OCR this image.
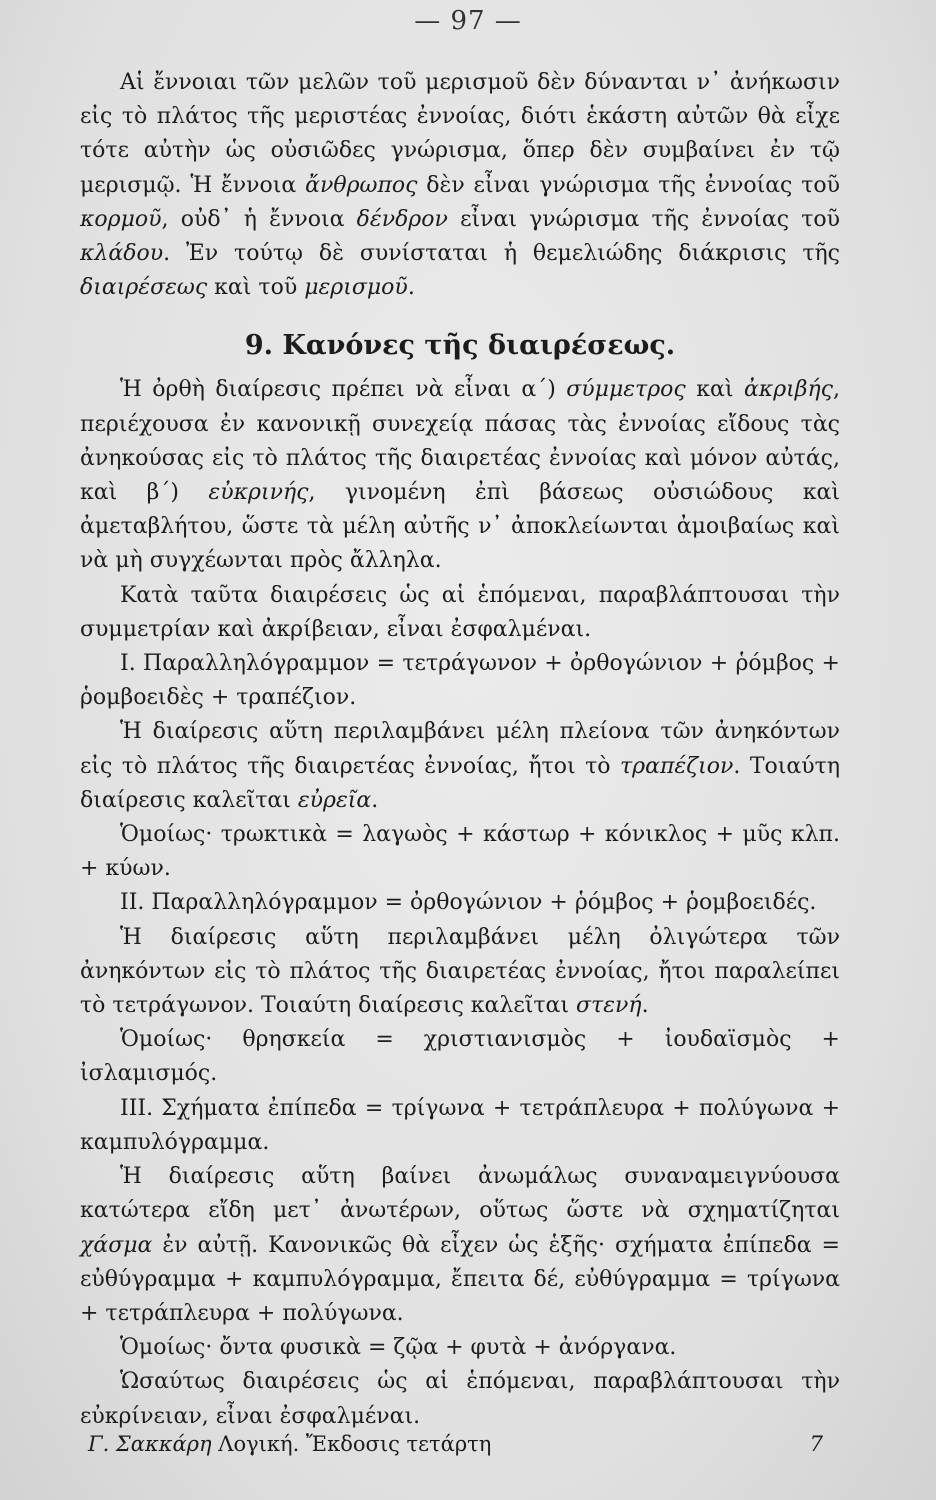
— 97 —

Αἱ ἔννοιαι τῶν μελῶν τοῦ μερισμοῦ δὲν δύνανται ν᾽ ἀνήκωσιν εἰς τὸ πλάτος τῆς μεριστέας ἐννοίας, διότι ἑκάστη αὐτῶν θὰ εἶχε τότε αὐτὴν ὡς οὐσιῶδες γνώρισμα, ὅπερ δὲν συμβαίνει ἐν τῷ μερισμῷ. Ἡ ἔννοια ἄνθρωπος δὲν εἶναι γνώρισμα τῆς ἐννοίας τοῦ κορμοῦ, οὐδ᾽ ἡ ἔννοια δένδρον εἶναι γνώρισμα τῆς ἐννοίας τοῦ κλάδου. Ἐν τούτῳ δὲ συνίσταται ἡ θεμελιώδης διάκρισις τῆς διαιρέσεως καὶ τοῦ μερισμοῦ.

9. Κανόνες τῆς διαιρέσεως.

Ἡ ὀρθὴ διαίρεσις πρέπει νὰ εἶναι α΄) σύμμετρος καὶ ἀκριβής, περιέχουσα ἐν κανονικῇ συνεχείᾳ πάσας τὰς ἐννοίας εἴδους τὰς ἀνηκούσας εἰς τὸ πλάτος τῆς διαιρετέας ἐννοίας καὶ μόνον αὐτάς, καὶ β΄) εὐκρινής, γινομένη ἐπὶ βάσεως οὐσιώδους καὶ ἀμεταβλήτου, ὥστε τὰ μέλη αὐτῆς ν᾽ ἀποκλείωνται ἀμοιβαίως καὶ νὰ μὴ συγχέωνται πρὸς ἄλληλα.

Κατὰ ταῦτα διαιρέσεις ὡς αἱ ἑπόμεναι, παραβλάπτουσαι τὴν συμμετρίαν καὶ ἀκρίβειαν, εἶναι ἐσφαλμέναι.

Ι. Παραλληλόγραμμον = τετράγωνον + ὀρθογώνιον + ῥόμβος + ῥομβοειδὲς + τραπέζιον.

Ἡ διαίρεσις αὕτη περιλαμβάνει μέλη πλείονα τῶν ἀνηκόντων εἰς τὸ πλάτος τῆς διαιρετέας ἐννοίας, ἤτοι τὸ τραπέζιον. Τοιαύτη διαίρεσις καλεῖται εὐρεῖα.

Ὁμοίως· τρωκτικὰ = λαγωὸς + κάστωρ + κόνικλος + μῦς κλπ. + κύων.

ΙΙ. Παραλληλόγραμμον = ὀρθογώνιον + ῥόμβος + ῥομβοειδές.

Ἡ διαίρεσις αὕτη περιλαμβάνει μέλη ὀλιγώτερα τῶν ἀνηκόντων εἰς τὸ πλάτος τῆς διαιρετέας ἐννοίας, ἤτοι παραλείπει τὸ τετράγωνον. Τοιαύτη διαίρεσις καλεῖται στενή.

Ὁμοίως· θρησκεία = χριστιανισμὸς + ἰουδαϊσμὸς + ἰσλαμισμός.

ΙΙΙ. Σχήματα ἐπίπεδα = τρίγωνα + τετράπλευρα + πολύγωνα + καμπυλόγραμμα.

Ἡ διαίρεσις αὕτη βαίνει ἀνωμάλως συναναμειγνύουσα κατώτερα εἴδη μετ᾽ ἀνωτέρων, οὕτως ὥστε νὰ σχηματίζηται χάσμα ἐν αὐτῇ. Κανονικῶς θὰ εἶχεν ὡς ἑξῆς· σχήματα ἐπίπεδα = εὐθύγραμμα + καμπυλόγραμμα, ἔπειτα δέ, εὐθύγραμμα = τρίγωνα + τετράπλευρα + πολύγωνα.

Ὁμοίως· ὄντα φυσικὰ = ζῷα + φυτὰ + ἀνόργανα.

Ὡσαύτως διαιρέσεις ὡς αἱ ἑπόμεναι, παραβλάπτουσαι τὴν εὐκρίνειαν, εἶναι ἐσφαλμέναι.

Γ. Σακκάρη Λογική. Ἔκδοσις τετάρτη	7
